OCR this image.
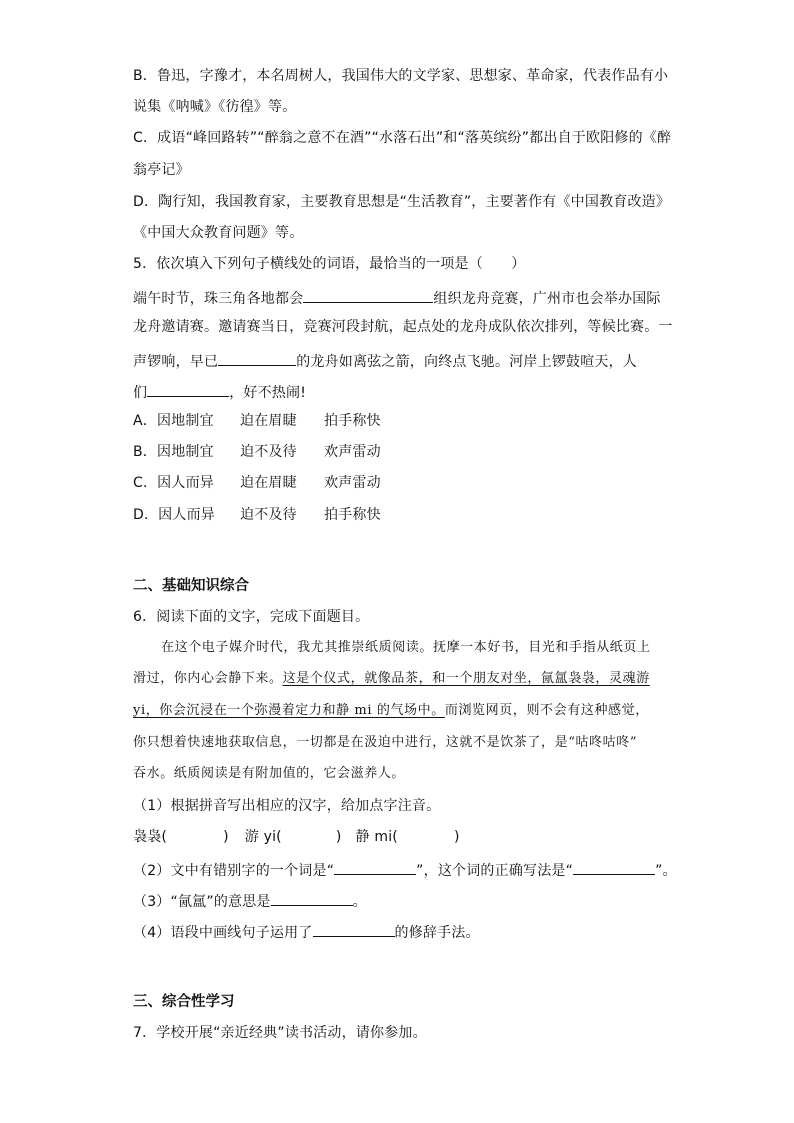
B．鲁迅，字豫才，本名周树人，我国伟大的文学家、思想家、革命家，代表作品有小
说集《呐喊》《彷徨》等。
C．成语“峰回路转”“醉翁之意不在酒”“水落石出”和“落英缤纷”都出自于欧阳修的《醉
翁亭记》
D．陶行知，我国教育家，主要教育思想是“生活教育”，主要著作有《中国教育改造》
《中国大众教育问题》等。
5．依次填入下列句子横线处的词语，最恰当的一项是（　　）
端午时节，珠三角各地都会	组织龙舟竞赛，广州市也会举办国际
龙舟邀请赛。邀请赛当日，竞赛河段封航，起点处的龙舟成队依次排列，等候比赛。一
声锣响，早已	的龙舟如离弦之箭，向终点飞驰。河岸上锣鼓喧天，人
们	，好不热闹!
A．因地制宜 迫在眉睫 拍手称快
B．因地制宜 迫不及待 欢声雷动
C．因人而异 迫在眉睫 欢声雷动
D．因人而异 迫不及待 拍手称快
二、基础知识综合
6．阅读下面的文字，完成下面题目。
在这个电子媒介时代，我尤其推崇纸质阅读。抚摩一本好书，目光和手指从纸页上
滑过，你内心会静下来。这是个仪式，就像品茶，和一个朋友对坐，氤氲袅袅，灵魂游
yi，你会沉浸在一个弥漫着定力和静 mi 的气场中。而浏览网页，则不会有这种感觉，
你只想着快速地获取信息，一切都是在汲迫中进行，这就不是饮茶了，是“咕咚咕咚”
吞水。纸质阅读是有附加值的，它会滋养人。
（1）根据拼音写出相应的汉字，给加点字注音。
袅袅(	) 游 yi(	) 静 mi(	)
（2）文中有错别字的一个词是“	”，这个词的正确写法是“	”。
（3）“氤氲”的意思是	。
（4）语段中画线句子运用了	的修辞手法。
三、综合性学习
7．学校开展“亲近经典”读书活动，请你参加。
